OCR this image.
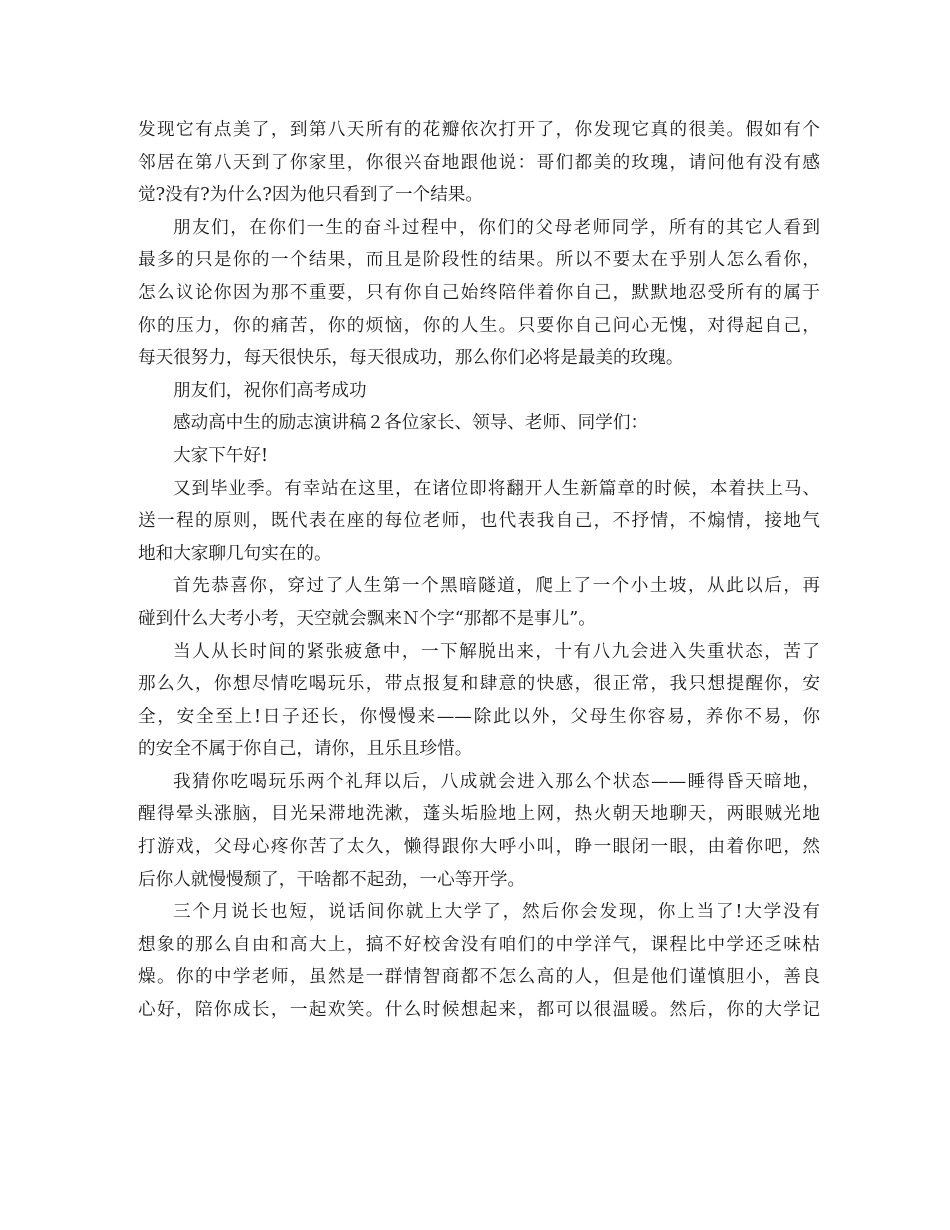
发现它有点美了，到第八天所有的花瓣依次打开了，你发现它真的很美。假如有个
邻居在第八天到了你家里，你很兴奋地跟他说：哥们都美的玫瑰，请问他有没有感
觉?没有?为什么?因为他只看到了一个结果。
朋友们，在你们一生的奋斗过程中，你们的父母老师同学，所有的其它人看到
最多的只是你的一个结果，而且是阶段性的结果。所以不要太在乎别人怎么看你，
怎么议论你因为那不重要，只有你自己始终陪伴着你自己，默默地忍受所有的属于
你的压力，你的痛苦，你的烦恼，你的人生。只要你自己问心无愧，对得起自己，
每天很努力，每天很快乐，每天很成功，那么你们必将是最美的玫瑰。
朋友们，祝你们高考成功
感动高中生的励志演讲稿２各位家长、领导、老师、同学们：
大家下午好!
又到毕业季。有幸站在这里，在诸位即将翻开人生新篇章的时候，本着扶上马、
送一程的原则，既代表在座的每位老师，也代表我自己，不抒情，不煽情，接地气
地和大家聊几句实在的。
首先恭喜你，穿过了人生第一个黑暗隧道，爬上了一个小土坡，从此以后，再
碰到什么大考小考，天空就会飘来Ｎ个字“那都不是事儿”。
当人从长时间的紧张疲惫中，一下解脱出来，十有八九会进入失重状态，苦了
那么久，你想尽情吃喝玩乐，带点报复和肆意的快感，很正常，我只想提醒你，安
全，安全至上!日子还长，你慢慢来——除此以外，父母生你容易，养你不易，你
的安全不属于你自己，请你，且乐且珍惜。
我猜你吃喝玩乐两个礼拜以后，八成就会进入那么个状态——睡得昏天暗地，
醒得晕头涨脑，目光呆滞地洗漱，蓬头垢脸地上网，热火朝天地聊天，两眼贼光地
打游戏，父母心疼你苦了太久，懒得跟你大呼小叫，睁一眼闭一眼，由着你吧，然
后你人就慢慢颓了，干啥都不起劲，一心等开学。
三个月说长也短，说话间你就上大学了，然后你会发现，你上当了!大学没有
想象的那么自由和高大上，搞不好校舍没有咱们的中学洋气，课程比中学还乏味枯
燥。你的中学老师，虽然是一群情智商都不怎么高的人，但是他们谨慎胆小，善良
心好，陪你成长，一起欢笑。什么时候想起来，都可以很温暖。然后，你的大学记
